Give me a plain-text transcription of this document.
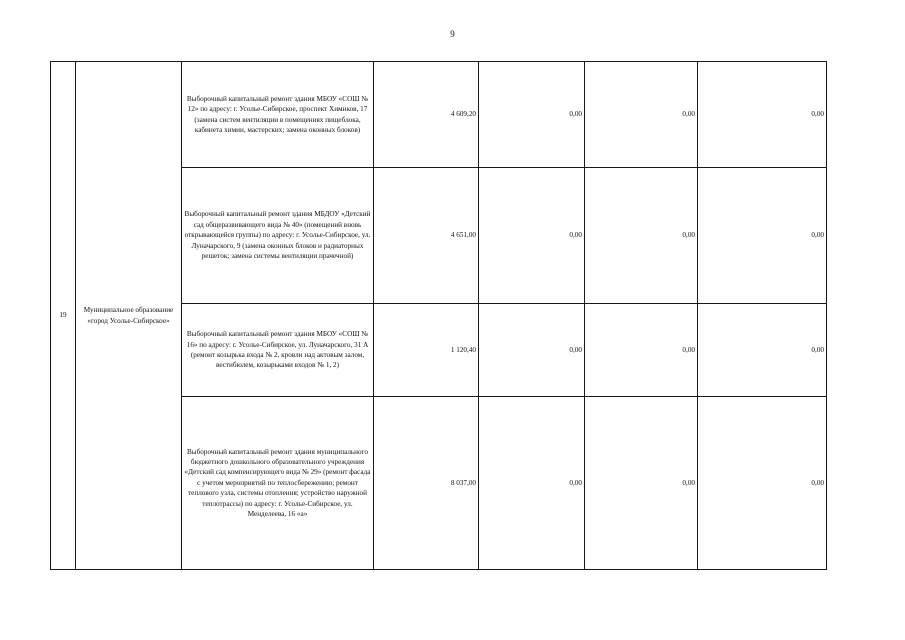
9
19	Муниципальное образование «город Усолье-Сибирское»	Выборочный капитальный ремонт здания МБОУ «СОШ № 12» по адресу: г. Усолье-Сибирское, проспект Химиков, 17 (замена систем вентиляции в помещениях пищеблока, кабинета химии, мастерских; замена оконных блоков)	4 609,20	0,00	0,00	0,00
		Выборочный капитальный ремонт здания МБДОУ «Детский сад общеразвивающего вида № 40» (помещений вновь открывающейся группы) по адресу: г. Усолье-Сибирское, ул. Луначарского, 9 (замена оконных блоков и радиаторных решеток; замена системы вентиляции прачечной)	4 651,00	0,00	0,00	0,00
		Выборочный капитальный ремонт здания МБОУ «СОШ № 16» по адресу: г. Усолье-Сибирское, ул. Луначарского, 31 А (ремонт козырька входа № 2, кровли над актовым залом, вестибюлем, козырьками входов № 1, 2)	1 120,40	0,00	0,00	0,00
		Выборочный капитальный ремонт здания муниципального бюджетного дошкольного образовательного учреждения «Детский сад компенсирующего вида № 29» (ремонт фасада с учетом мероприятий по теплосбережению; ремонт теплового узла, системы отопления; устройство наружной теплотрассы) по адресу: г. Усолье-Сибирское, ул. Менделеева, 16 «а»	8 037,00	0,00	0,00	0,00
